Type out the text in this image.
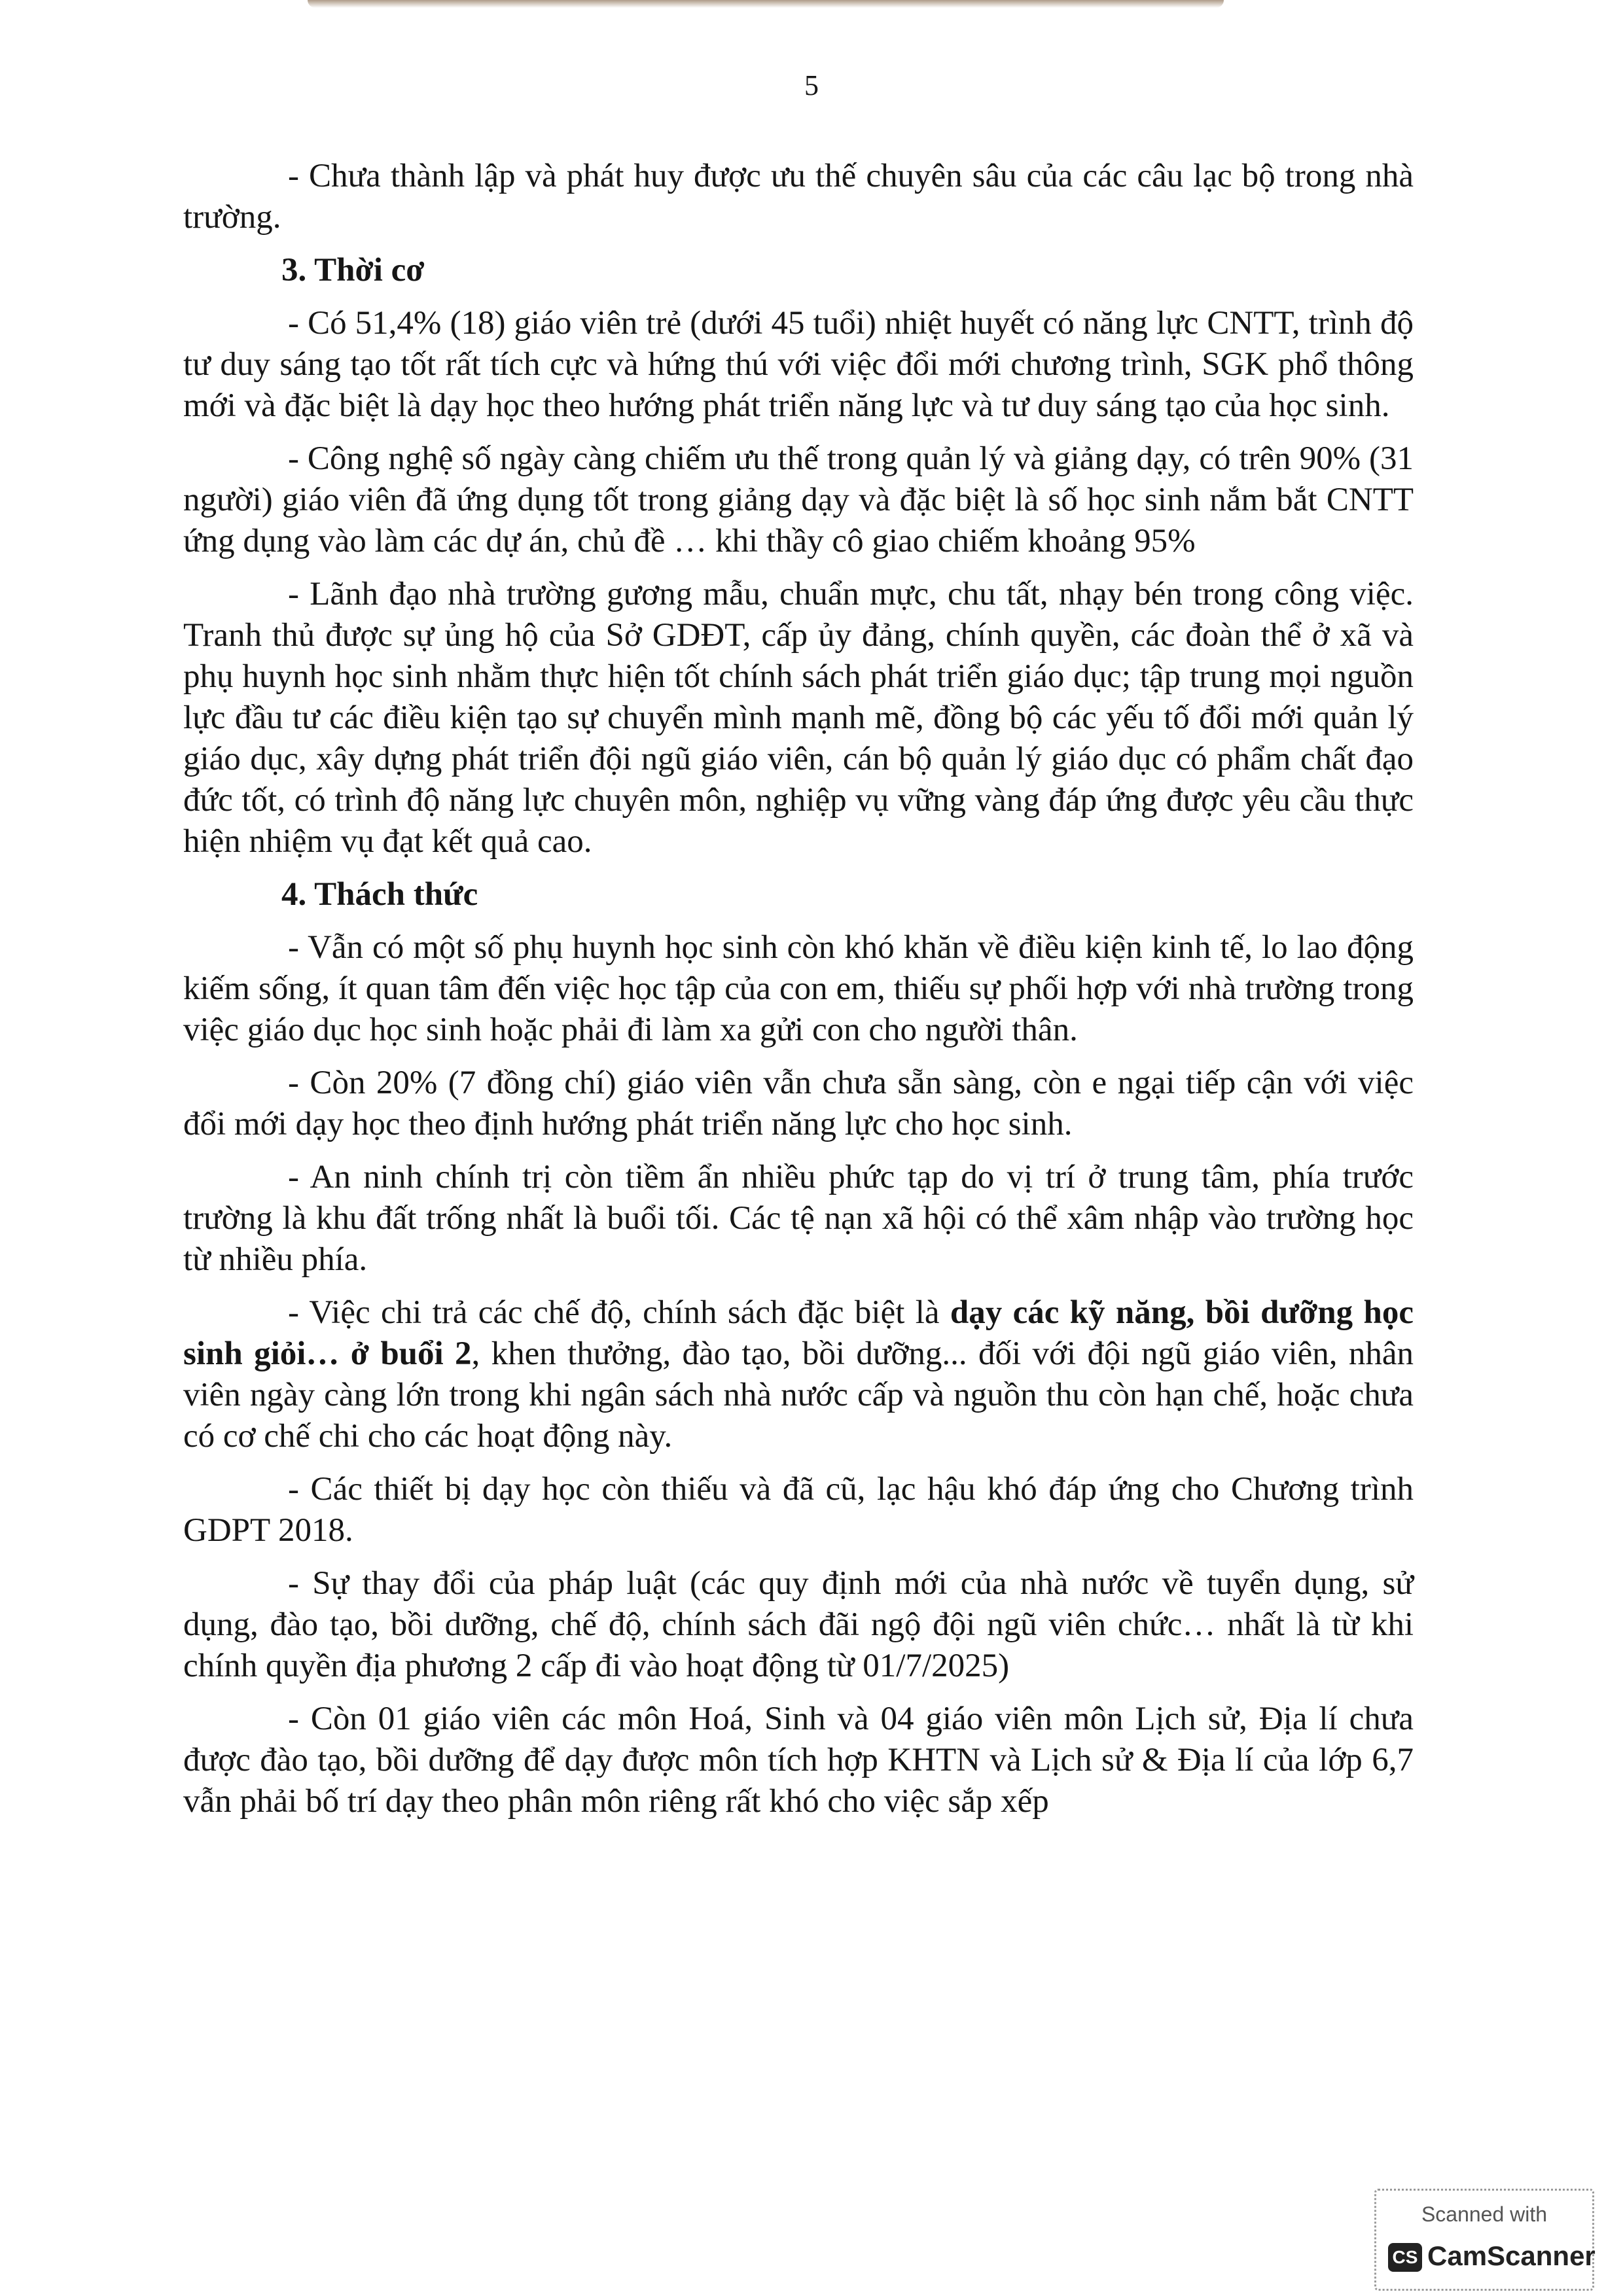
5

- Chưa thành lập và phát huy được ưu thế chuyên sâu của các câu lạc bộ trong nhà trường.

3. Thời cơ

- Có 51,4% (18) giáo viên trẻ (dưới 45 tuổi) nhiệt huyết có năng lực CNTT, trình độ tư duy sáng tạo tốt rất tích cực và hứng thú với việc đổi mới chương trình, SGK phổ thông mới và đặc biệt là dạy học theo hướng phát triển năng lực và tư duy sáng tạo của học sinh.

- Công nghệ số ngày càng chiếm ưu thế trong quản lý và giảng dạy, có trên 90% (31 người) giáo viên đã ứng dụng tốt trong giảng dạy và đặc biệt là số học sinh nắm bắt CNTT ứng dụng vào làm các dự án, chủ đề … khi thầy cô giao chiếm khoảng 95%

- Lãnh đạo nhà trường gương mẫu, chuẩn mực, chu tất, nhạy bén trong công việc. Tranh thủ được sự ủng hộ của Sở GDĐT, cấp ủy đảng, chính quyền, các đoàn thể ở xã và phụ huynh học sinh nhằm thực hiện tốt chính sách phát triển giáo dục; tập trung mọi nguồn lực đầu tư các điều kiện tạo sự chuyển mình mạnh mẽ, đồng bộ các yếu tố đổi mới quản lý giáo dục, xây dựng phát triển đội ngũ giáo viên, cán bộ quản lý giáo dục có phẩm chất đạo đức tốt, có trình độ năng lực chuyên môn, nghiệp vụ vững vàng đáp ứng được yêu cầu thực hiện nhiệm vụ đạt kết quả cao.

4. Thách thức

- Vẫn có một số phụ huynh học sinh còn khó khăn về điều kiện kinh tế, lo lao động kiếm sống, ít quan tâm đến việc học tập của con em, thiếu sự phối hợp với nhà trường trong việc giáo dục học sinh hoặc phải đi làm xa gửi con cho người thân.

- Còn 20% (7 đồng chí) giáo viên vẫn chưa sẵn sàng, còn e ngại tiếp cận với việc đổi mới dạy học theo định hướng phát triển năng lực cho học sinh.

- An ninh chính trị còn tiềm ẩn nhiều phức tạp do vị trí ở trung tâm, phía trước trường là khu đất trống nhất là buổi tối. Các tệ nạn xã hội có thể xâm nhập vào trường học từ nhiều phía.

- Việc chi trả các chế độ, chính sách đặc biệt là dạy các kỹ năng, bồi dưỡng học sinh giỏi… ở buổi 2, khen thưởng, đào tạo, bồi dưỡng... đối với đội ngũ giáo viên, nhân viên ngày càng lớn trong khi ngân sách nhà nước cấp và nguồn thu còn hạn chế, hoặc chưa có cơ chế chi cho các hoạt động này.

- Các thiết bị dạy học còn thiếu và đã cũ, lạc hậu khó đáp ứng cho Chương trình GDPT 2018.

- Sự thay đổi của pháp luật (các quy định mới của nhà nước về tuyển dụng, sử dụng, đào tạo, bồi dưỡng, chế độ, chính sách đãi ngộ đội ngũ viên chức… nhất là từ khi chính quyền địa phương 2 cấp đi vào hoạt động từ 01/7/2025)

- Còn 01 giáo viên các môn Hoá, Sinh và 04 giáo viên môn Lịch sử, Địa lí chưa được đào tạo, bồi dưỡng để dạy được môn tích hợp KHTN và Lịch sử & Địa lí của lớp 6,7 vẫn phải bố trí dạy theo phân môn riêng rất khó cho việc sắp xếp

Scanned with
CS CamScanner
